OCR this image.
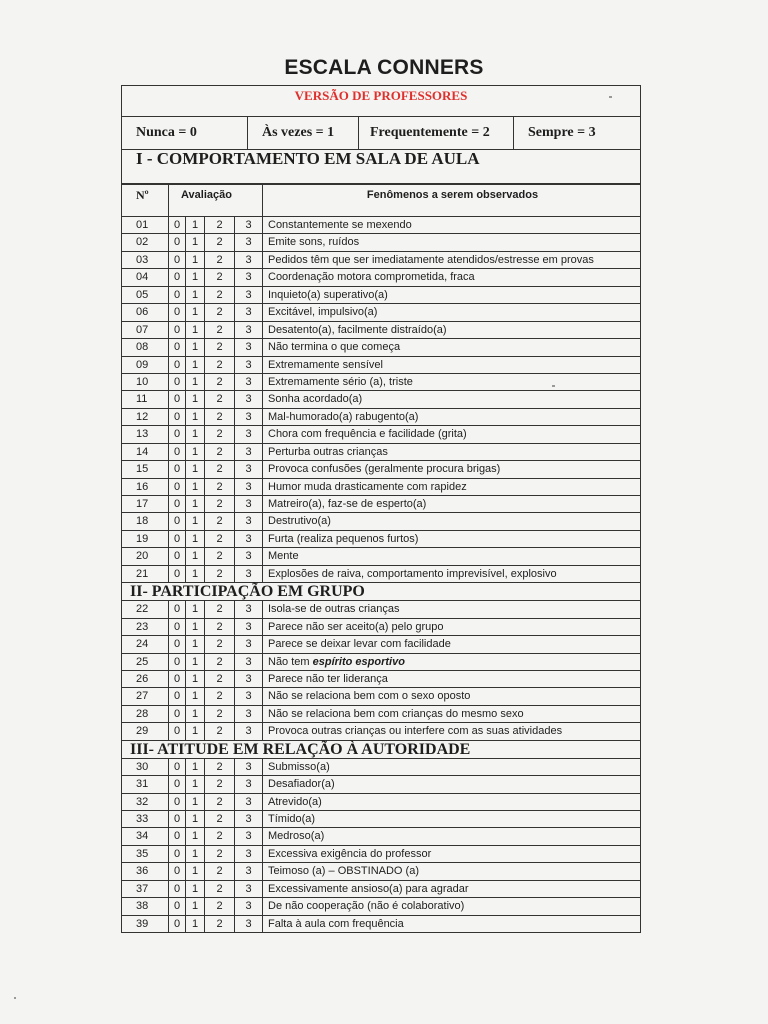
ESCALA CONNERS
VERSÃO DE PROFESSORES
Nunca = 0	Às vezes = 1	Frequentemente = 2	Sempre = 3
I - COMPORTAMENTO EM SALA DE AULA
Nº	Avaliação	Fenômenos a serem observados
01	0	1	2	3	Constantemente se mexendo
02	0	1	2	3	Emite sons, ruídos
03	0	1	2	3	Pedidos têm que ser imediatamente atendidos/estresse em provas
04	0	1	2	3	Coordenação motora comprometida, fraca
05	0	1	2	3	Inquieto(a) superativo(a)
06	0	1	2	3	Excitável, impulsivo(a)
07	0	1	2	3	Desatento(a), facilmente distraído(a)
08	0	1	2	3	Não termina o que começa
09	0	1	2	3	Extremamente sensível
10	0	1	2	3	Extremamente sério (a), triste
11	0	1	2	3	Sonha acordado(a)
12	0	1	2	3	Mal-humorado(a) rabugento(a)
13	0	1	2	3	Chora com frequência e facilidade (grita)
14	0	1	2	3	Perturba outras crianças
15	0	1	2	3	Provoca confusões (geralmente procura brigas)
16	0	1	2	3	Humor muda drasticamente com rapidez
17	0	1	2	3	Matreiro(a), faz-se de esperto(a)
18	0	1	2	3	Destrutivo(a)
19	0	1	2	3	Furta (realiza pequenos furtos)
20	0	1	2	3	Mente
21	0	1	2	3	Explosões de raiva, comportamento imprevisível, explosivo
II- PARTICIPAÇÃO EM GRUPO
22	0	1	2	3	Isola-se de outras crianças
23	0	1	2	3	Parece não ser aceito(a) pelo grupo
24	0	1	2	3	Parece se deixar levar com facilidade
25	0	1	2	3	Não tem espírito esportivo
26	0	1	2	3	Parece não ter liderança
27	0	1	2	3	Não se relaciona bem com o sexo oposto
28	0	1	2	3	Não se relaciona bem com crianças do mesmo sexo
29	0	1	2	3	Provoca outras crianças ou interfere com as suas atividades
III- ATITUDE EM RELAÇÃO À AUTORIDADE
30	0	1	2	3	Submisso(a)
31	0	1	2	3	Desafiador(a)
32	0	1	2	3	Atrevido(a)
33	0	1	2	3	Tímido(a)
34	0	1	2	3	Medroso(a)
35	0	1	2	3	Excessiva exigência do professor
36	0	1	2	3	Teimoso (a) – OBSTINADO (a)
37	0	1	2	3	Excessivamente ansioso(a) para agradar
38	0	1	2	3	De não cooperação (não é colaborativo)
39	0	1	2	3	Falta à aula com frequência
